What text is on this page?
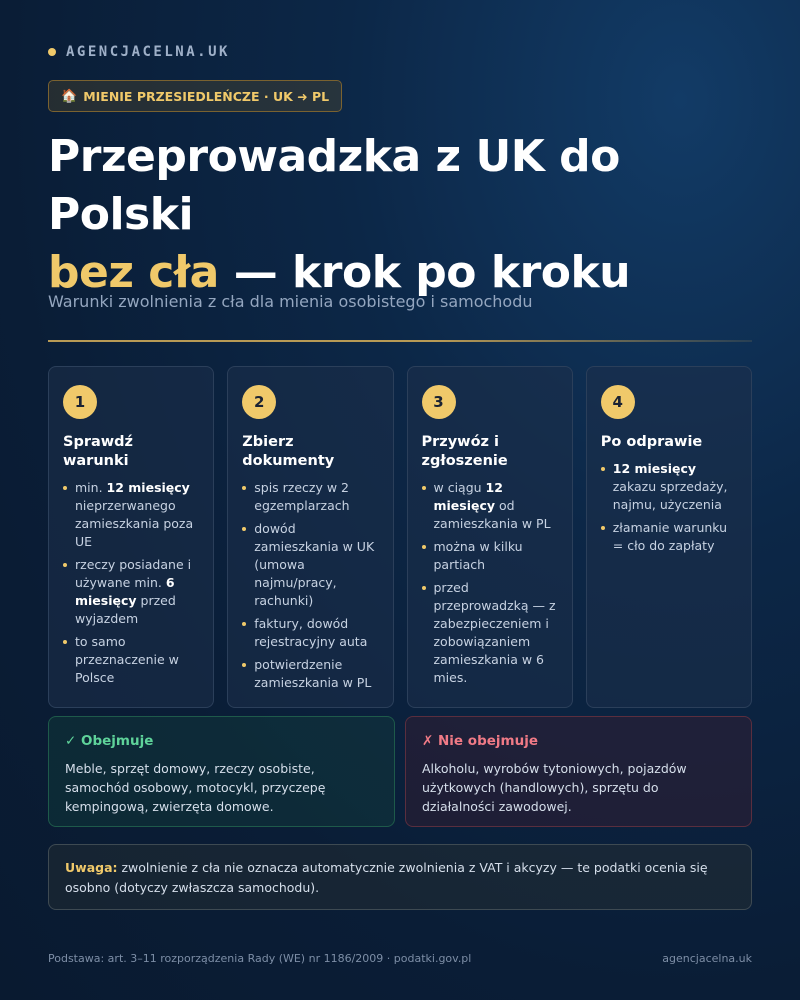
AGENCJACELNA.UK
🏠 MIENIE PRZESIEDLEŃCZE · UK ➜ PL
Przeprowadzka z UK do Polski
bez cła — krok po kroku
Warunki zwolnienia z cła dla mienia osobistego i samochodu
1
Sprawdź warunki
min. 12 miesięcy nieprzerwanego zamieszkania poza UE
rzeczy posiadane i używane min. 6 miesięcy przed wyjazdem
to samo przeznaczenie w Polsce
2
Zbierz dokumenty
spis rzeczy w 2 egzemplarzach
dowód zamieszkania w UK (umowa najmu/pracy, rachunki)
faktury, dowód rejestracyjny auta
potwierdzenie zamieszkania w PL
3
Przywóz i zgłoszenie
w ciągu 12 miesięcy od zamieszkania w PL
można w kilku partiach
przed przeprowadzką — z zabezpieczeniem i zobowiązaniem zamieszkania w 6 mies.
4
Po odprawie
12 miesięcy zakazu sprzedaży, najmu, użyczenia
złamanie warunku = cło do zapłaty
✓ Obejmuje
Meble, sprzęt domowy, rzeczy osobiste, samochód osobowy, motocykl, przyczepę kempingową, zwierzęta domowe.
✗ Nie obejmuje
Alkoholu, wyrobów tytoniowych, pojazdów użytkowych (handlowych), sprzętu do działalności zawodowej.
Uwaga: zwolnienie z cła nie oznacza automatycznie zwolnienia z VAT i akcyzy — te podatki ocenia się osobno (dotyczy zwłaszcza samochodu).
Podstawa: art. 3–11 rozporządzenia Rady (WE) nr 1186/2009 · podatki.gov.pl	agencjacelna.uk
